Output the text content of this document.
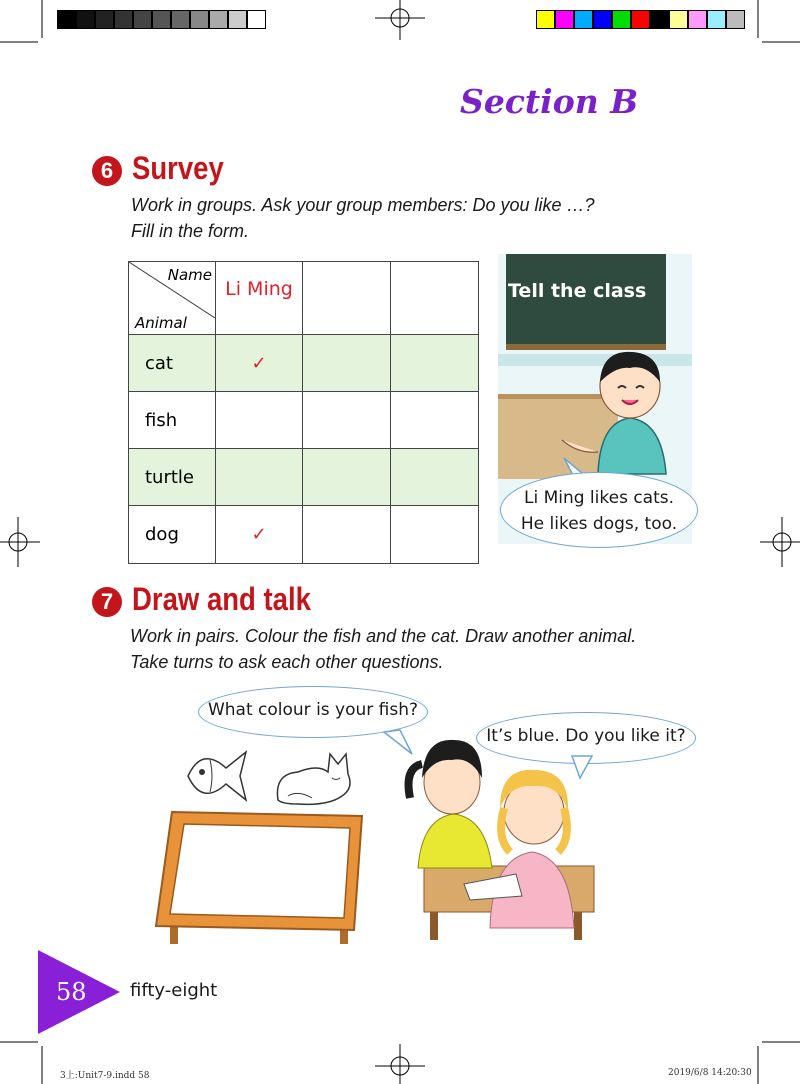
Section B
6 Survey
Work in groups. Ask your group members: Do you like …?
Fill in the form.
Name
Animal	Li Ming		
cat	✓		
fish			
turtle			
dog	✓		
Tell the class
Li Ming likes cats.
He likes dogs, too.
7 Draw and talk
Work in pairs. Colour the fish and the cat. Draw another animal.
Take turns to ask each other questions.
What colour is your fish?
It’s blue. Do you like it?
58 fifty-eight
3上:Unit7-9.indd 58	2019/6/8 14:20:30
